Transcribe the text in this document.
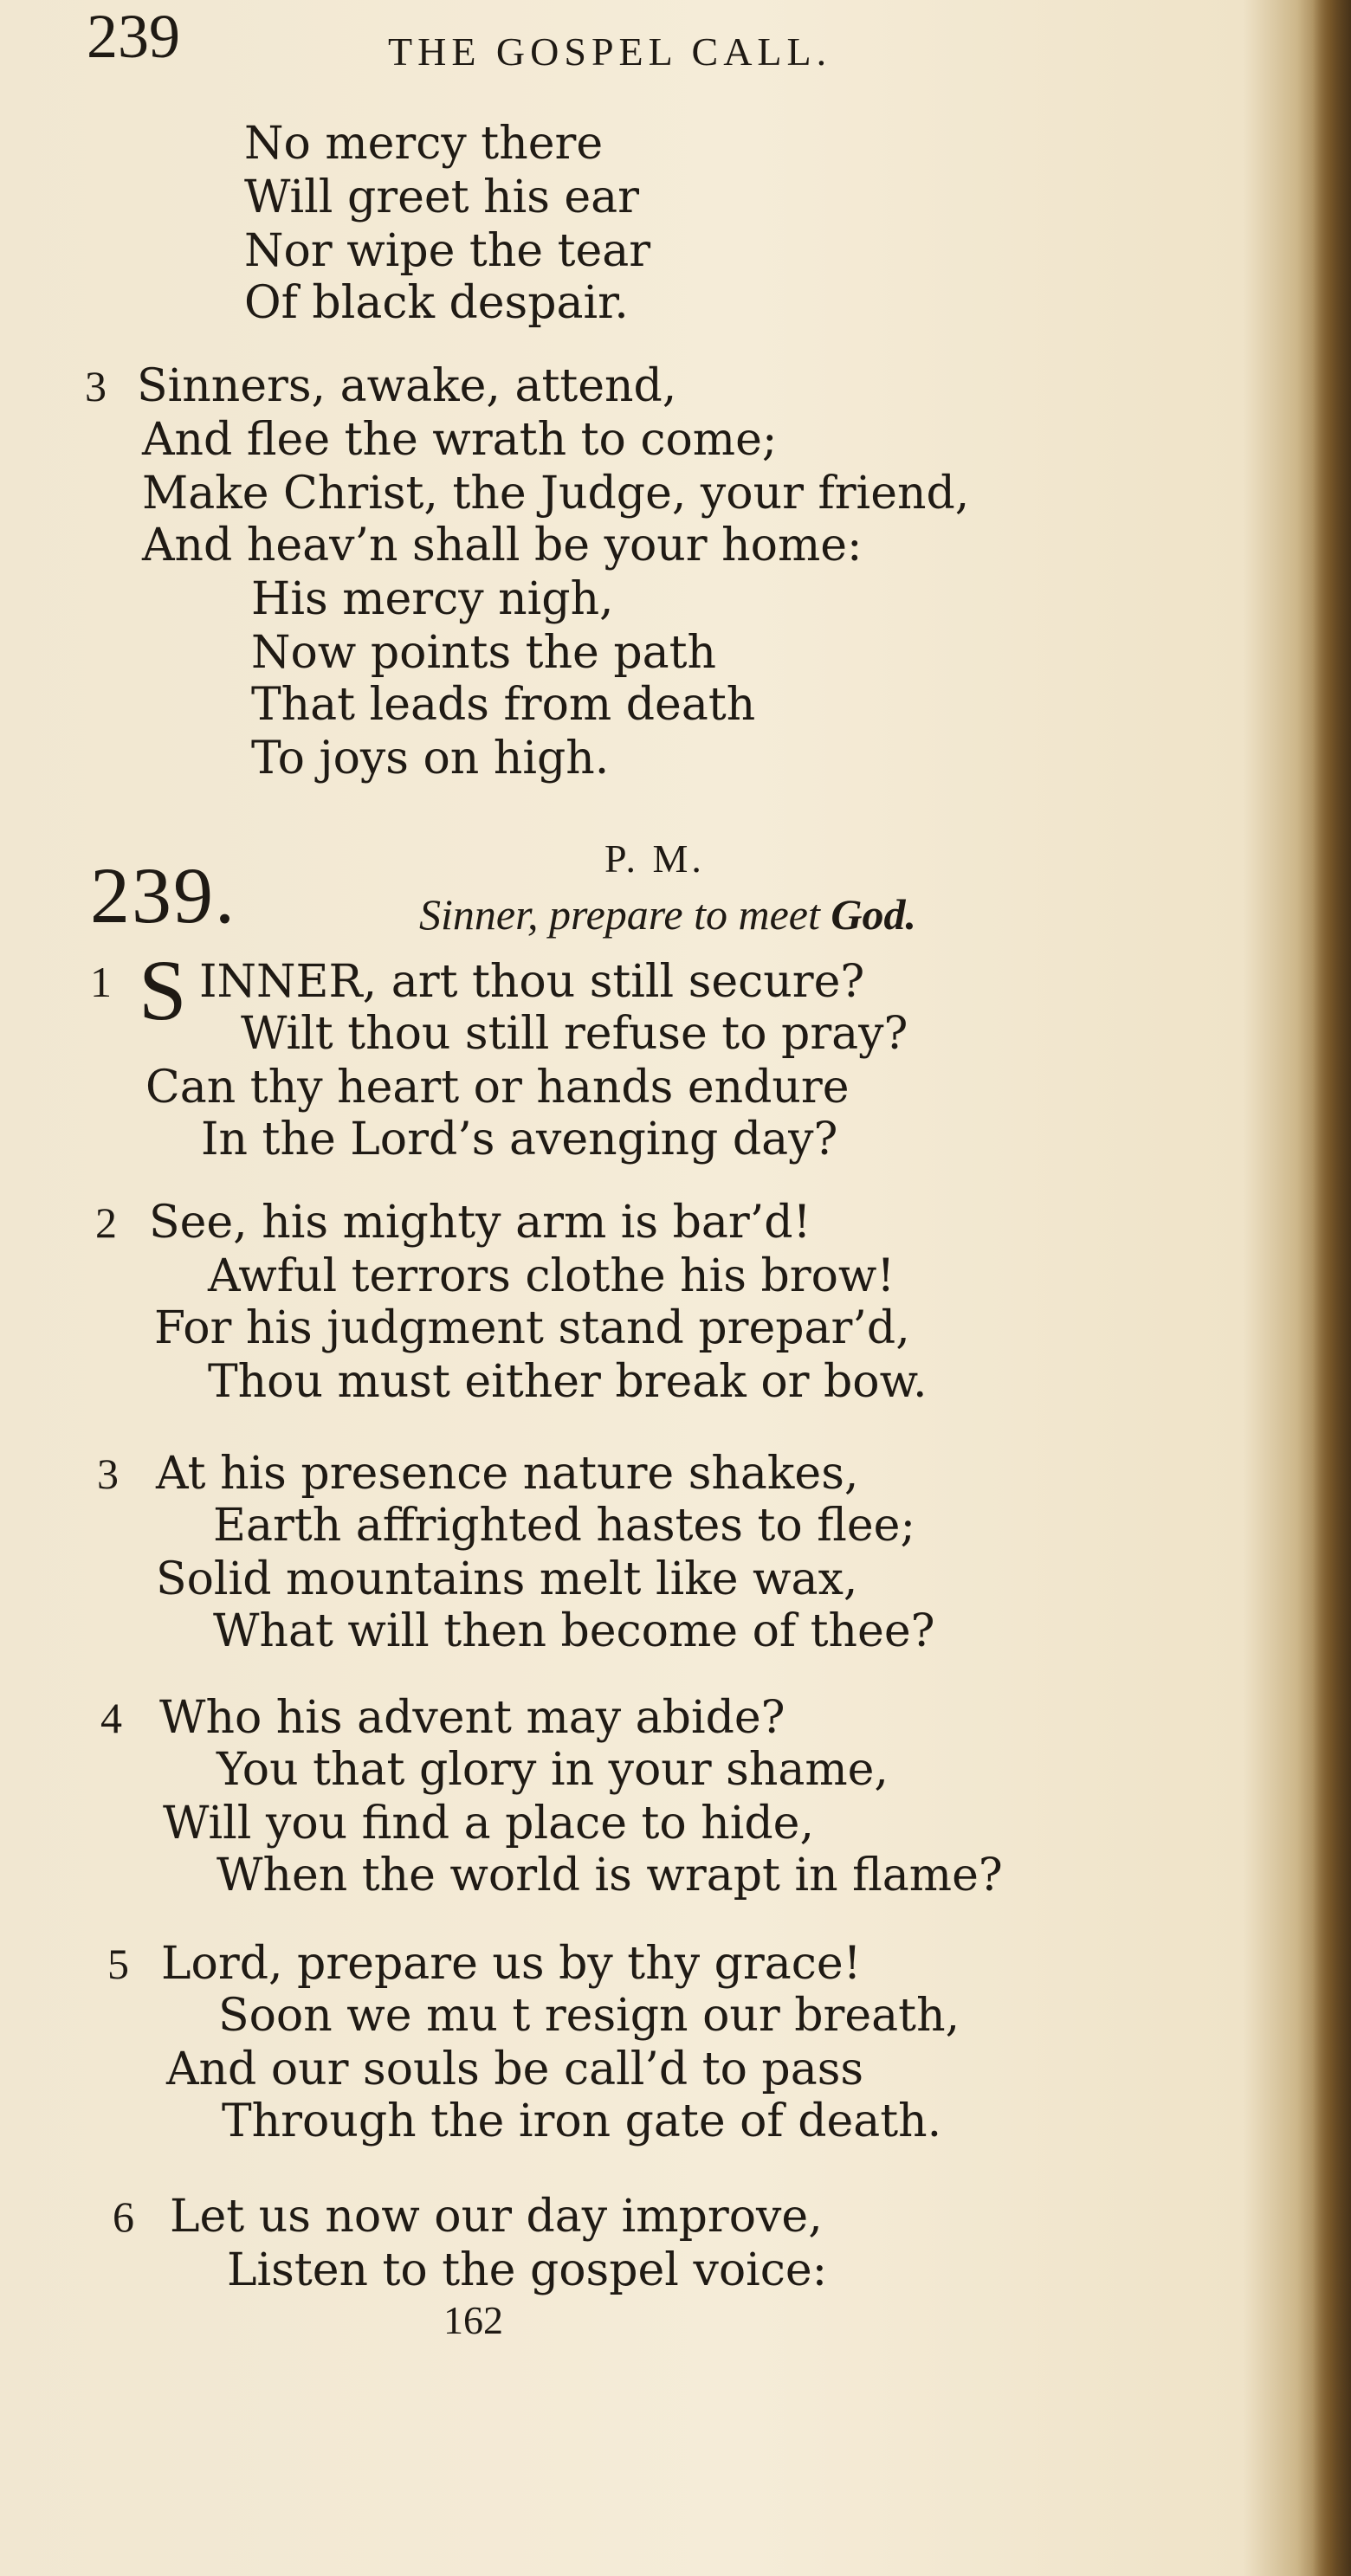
239	THE GOSPEL CALL.
No mercy there
Will greet his ear
Nor wipe the tear
Of black despair.
3 Sinners, awake, attend,
And flee the wrath to come;
Make Christ, the Judge, your friend,
And heav’n shall be your home:
His mercy nigh,
Now points the path
That leads from death
To joys on high.
239.	P. M.
Sinner, prepare to meet God.
1 S INNER, art thou still secure?
Wilt thou still refuse to pray?
Can thy heart or hands endure
In the Lord’s avenging day?
2 See, his mighty arm is bar’d!
Awful terrors clothe his brow!
For his judgment stand prepar’d,
Thou must either break or bow.
3 At his presence nature shakes,
Earth affrighted hastes to flee;
Solid mountains melt like wax,
What will then become of thee?
4 Who his advent may abide?
You that glory in your shame,
Will you find a place to hide,
When the world is wrapt in flame?
5 Lord, prepare us by thy grace!
Soon we mu t resign our breath,
And our souls be call’d to pass
Through the iron gate of death.
6 Let us now our day improve,
Listen to the gospel voice:
162
